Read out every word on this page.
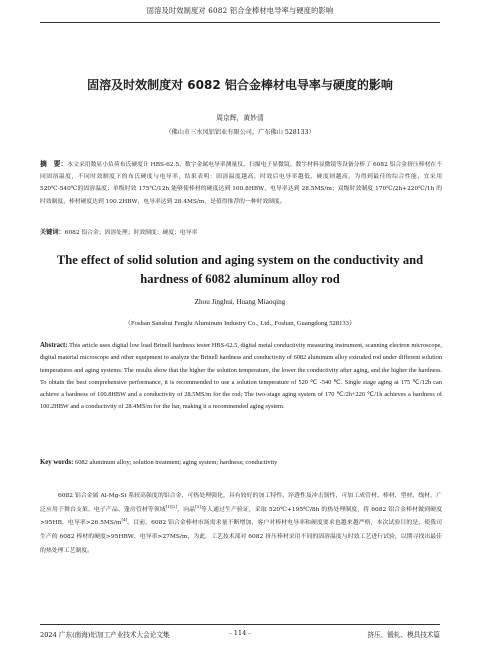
固溶及时效制度对 6082 铝合金棒材电导率与硬度的影响
固溶及时效制度对 6082 铝合金棒材电导率与硬度的影响
周京辉，黄妙清
（佛山市三水凤铝铝业有限公司，广东佛山 528133）

摘　要：本文采用数显小负荷布氏硬度计 HBS-62.5、数字金属电导率测量仪、扫描电子显微镜、数字材料显微镜等设备分析了 6082 铝合金挤压棒材在不同固溶温度，不同时效制度下的布氏硬度与电导率，结果表明：固溶温度越高，时效后电导率越低，硬度则越高，为得到最佳的综合性能，宜采用 520℃-540℃的固溶温度；单级时效 175℃/12h 能够使棒材的硬度达到 100.8HBW，电导率达到 28.5MS/m；双级时效制度 170℃/2h+220℃/1h 的时效制度，棒材硬度达到 100.2HBW，电导率达到 28.4MS/m，是值得推荐的一种时效制度。

关键词：6082 铝合金；固溶处理；时效制度；硬度；电导率

The effect of solid solution and aging system on the conductivity and hardness of 6082 aluminum alloy rod

Zhou Jinghui, Huang Miaoqing
（Foshan Sanshui Fenglu Aluminum Industry Co., Ltd., Foshan, Guangdong 528133）

Abstract: This article uses digital low load Brinell hardness tester HBS-62.5, digital metal conductivity measuring instrument, scanning electron microscope, digital material microscope and other equipment to analyze the Brinell hardness and conductivity of 6082 aluminum alloy extruded rod under different solution temperatures and aging systems. The results show that the higher the solution temperature, the lower the conductivity after aging, and the higher the hardness. To obtain the best comprehensive performance, it is recommended to use a solution temperature of 520 ℃ -540 ℃. Single stage aging at 175 ℃/12h can achieve a hardness of 100.8HBW and a conductivity of 28.5MS/m for the rod; The two-stage aging system of 170 ℃/2h+220 ℃/1h achieves a hardness of 100.2HBW and a conductivity of 28.4MS/m for the bar, making it a recommended aging system.

Key words: 6082 aluminum alloy; solution treatment; aging system; hardness; conductivity

6082 铝合金属 Al-Mg-Si 系较高强度的铝合金，可热处理强化，具有较好的加工特性、淬透性及冲击韧性，可加工成管材、棒材、型材、线材，广泛应用于舞台支架、电子产品、蓬房管材等领域[1][2]，向晶[3]等人通过生产验证，采取 520℃+195℃/8h 的热处理制度，将 6082 铝合金棒材做到硬度>95HB，电导率>26.5MS/m[4]。目前，6082 铝合金棒材市场需求量不断增加，客户对棒材电导率和硬度要求也越来越严格，本次试验目的是，使我司生产的 6082 棒材的硬度>95HBW，电导率>27MS/m，为此，工艺技术部对 6082 挤压棒材采用不同的固溶温度与时效工艺进行试验，以期寻找出最佳的热处理工艺制度。

2024 广东(南海)铝加工产业技术大会论文集	- 114 -	挤压、锻轧、模具技术篇
